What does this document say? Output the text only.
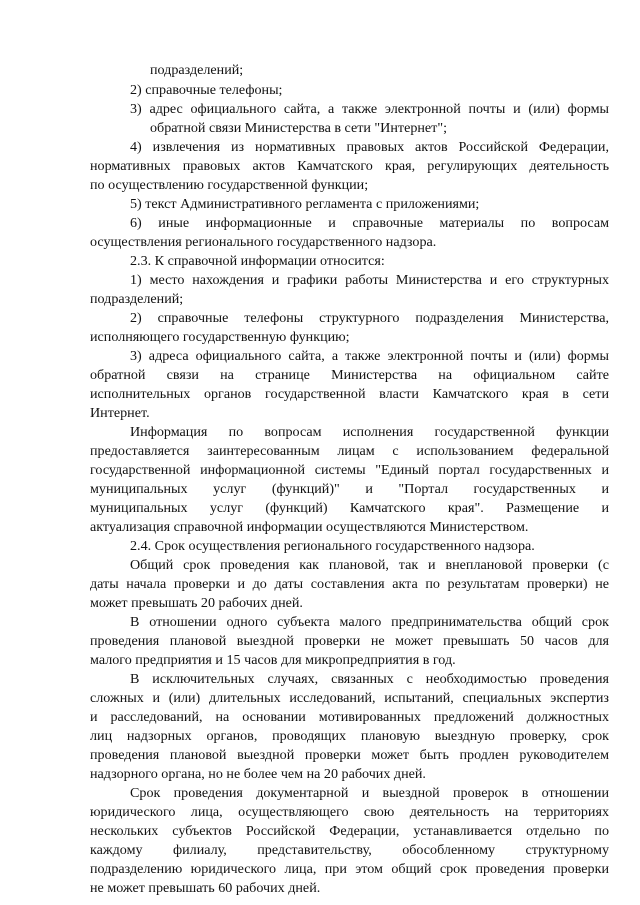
подразделений;
2) справочные телефоны;
3) адрес официального сайта, а также электронной почты и (или) формы
обратной связи Министерства в сети "Интернет";
4) извлечения из нормативных правовых актов Российской Федерации,
нормативных правовых актов Камчатского края, регулирующих деятельность
по осуществлению государственной функции;
5) текст Административного регламента с приложениями;
6) иные информационные и справочные материалы по вопросам
осуществления регионального государственного надзора.
2.3. К справочной информации относится:
1) место нахождения и графики работы Министерства и его структурных
подразделений;
2) справочные телефоны структурного подразделения Министерства,
исполняющего государственную функцию;
3) адреса официального сайта, а также электронной почты и (или) формы
обратной связи на странице Министерства на официальном сайте
исполнительных органов государственной власти Камчатского края в сети
Интернет.
Информация по вопросам исполнения государственной функции
предоставляется заинтересованным лицам с использованием федеральной
государственной информационной системы "Единый портал государственных и
муниципальных услуг (функций)" и "Портал государственных и
муниципальных услуг (функций) Камчатского края". Размещение и
актуализация справочной информации осуществляются Министерством.
2.4. Срок осуществления регионального государственного надзора.
Общий срок проведения как плановой, так и внеплановой проверки (с
даты начала проверки и до даты составления акта по результатам проверки) не
может превышать 20 рабочих дней.
В отношении одного субъекта малого предпринимательства общий срок
проведения плановой выездной проверки не может превышать 50 часов для
малого предприятия и 15 часов для микропредприятия в год.
В исключительных случаях, связанных с необходимостью проведения
сложных и (или) длительных исследований, испытаний, специальных экспертиз
и расследований, на основании мотивированных предложений должностных
лиц надзорных органов, проводящих плановую выездную проверку, срок
проведения плановой выездной проверки может быть продлен руководителем
надзорного органа, но не более чем на 20 рабочих дней.
Срок проведения документарной и выездной проверок в отношении
юридического лица, осуществляющего свою деятельность на территориях
нескольких субъектов Российской Федерации, устанавливается отдельно по
каждому филиалу, представительству, обособленному структурному
подразделению юридического лица, при этом общий срок проведения проверки
не может превышать 60 рабочих дней.
